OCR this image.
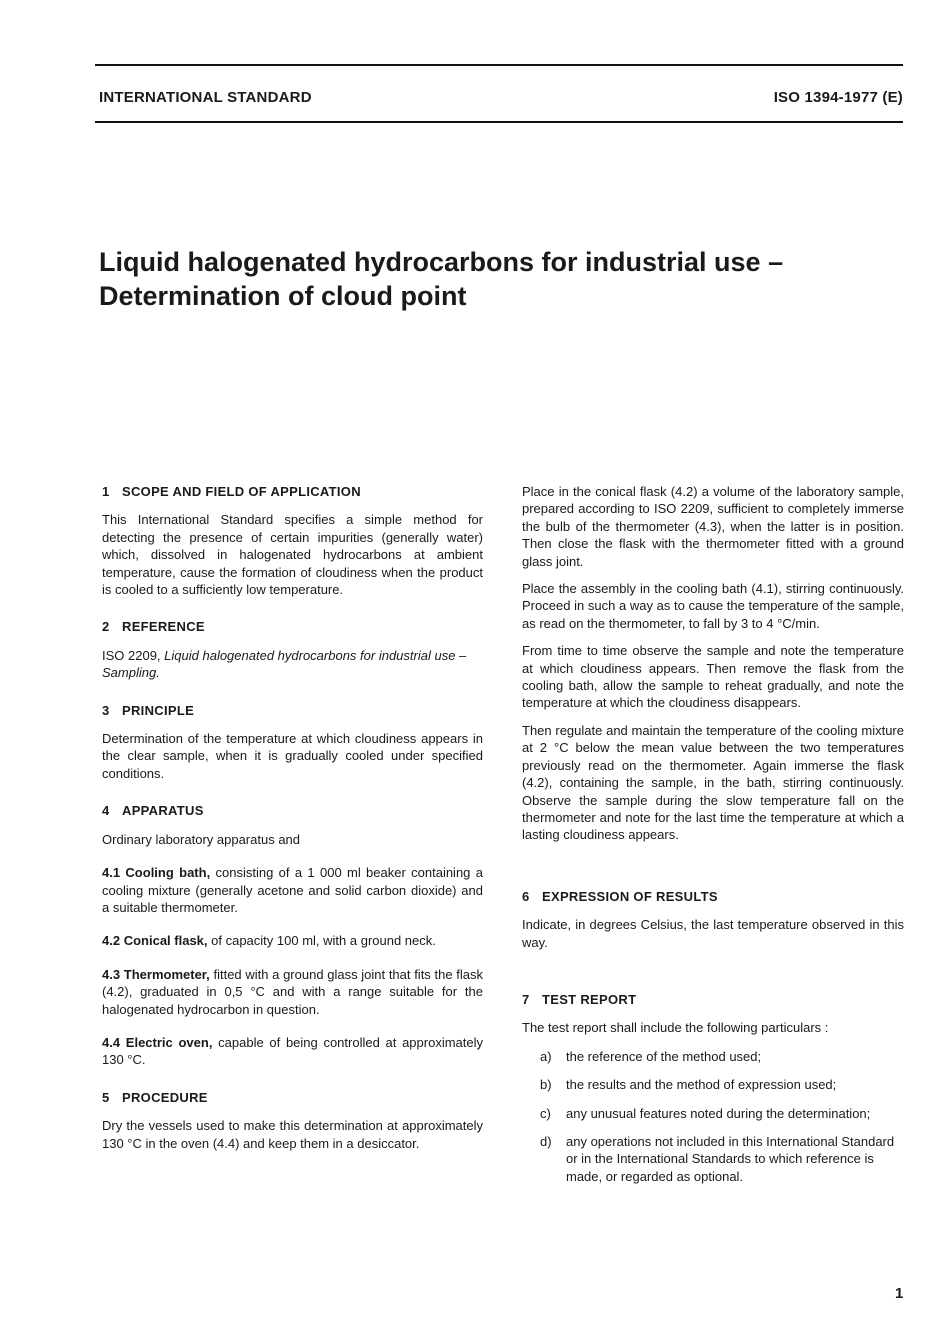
INTERNATIONAL STANDARD	ISO 1394-1977 (E)
Liquid halogenated hydrocarbons for industrial use –
Determination of cloud point
1 SCOPE AND FIELD OF APPLICATION

This International Standard specifies a simple method for detecting the presence of certain impurities (generally water) which, dissolved in halogenated hydrocarbons at ambient temperature, cause the formation of cloudiness when the product is cooled to a sufficiently low temperature.

2 REFERENCE

ISO 2209, Liquid halogenated hydrocarbons for industrial use – Sampling.

3 PRINCIPLE

Determination of the temperature at which cloudiness appears in the clear sample, when it is gradually cooled under specified conditions.

4 APPARATUS

Ordinary laboratory apparatus and

4.1 Cooling bath, consisting of a 1 000 ml beaker containing a cooling mixture (generally acetone and solid carbon dioxide) and a suitable thermometer.

4.2 Conical flask, of capacity 100 ml, with a ground neck.

4.3 Thermometer, fitted with a ground glass joint that fits the flask (4.2), graduated in 0,5 °C and with a range suitable for the halogenated hydrocarbon in question.

4.4 Electric oven, capable of being controlled at approximately 130 °C.

5 PROCEDURE

Dry the vessels used to make this determination at approximately 130 °C in the oven (4.4) and keep them in a desiccator.

Place in the conical flask (4.2) a volume of the laboratory sample, prepared according to ISO 2209, sufficient to completely immerse the bulb of the thermometer (4.3), when the latter is in position. Then close the flask with the thermometer fitted with a ground glass joint.

Place the assembly in the cooling bath (4.1), stirring continuously. Proceed in such a way as to cause the temperature of the sample, as read on the thermometer, to fall by 3 to 4 °C/min.

From time to time observe the sample and note the temperature at which cloudiness appears. Then remove the flask from the cooling bath, allow the sample to reheat gradually, and note the temperature at which the cloudiness disappears.

Then regulate and maintain the temperature of the cooling mixture at 2 °C below the mean value between the two temperatures previously read on the thermometer. Again immerse the flask (4.2), containing the sample, in the bath, stirring continuously. Observe the sample during the slow temperature fall on the thermometer and note for the last time the temperature at which a lasting cloudiness appears.

6 EXPRESSION OF RESULTS

Indicate, in degrees Celsius, the last temperature observed in this way.

7 TEST REPORT

The test report shall include the following particulars :

a)	the reference of the method used;

b)	the results and the method of expression used;

c)	any unusual features noted during the determination;

d)	any operations not included in this International Standard or in the International Standards to which reference is made, or regarded as optional.

1
